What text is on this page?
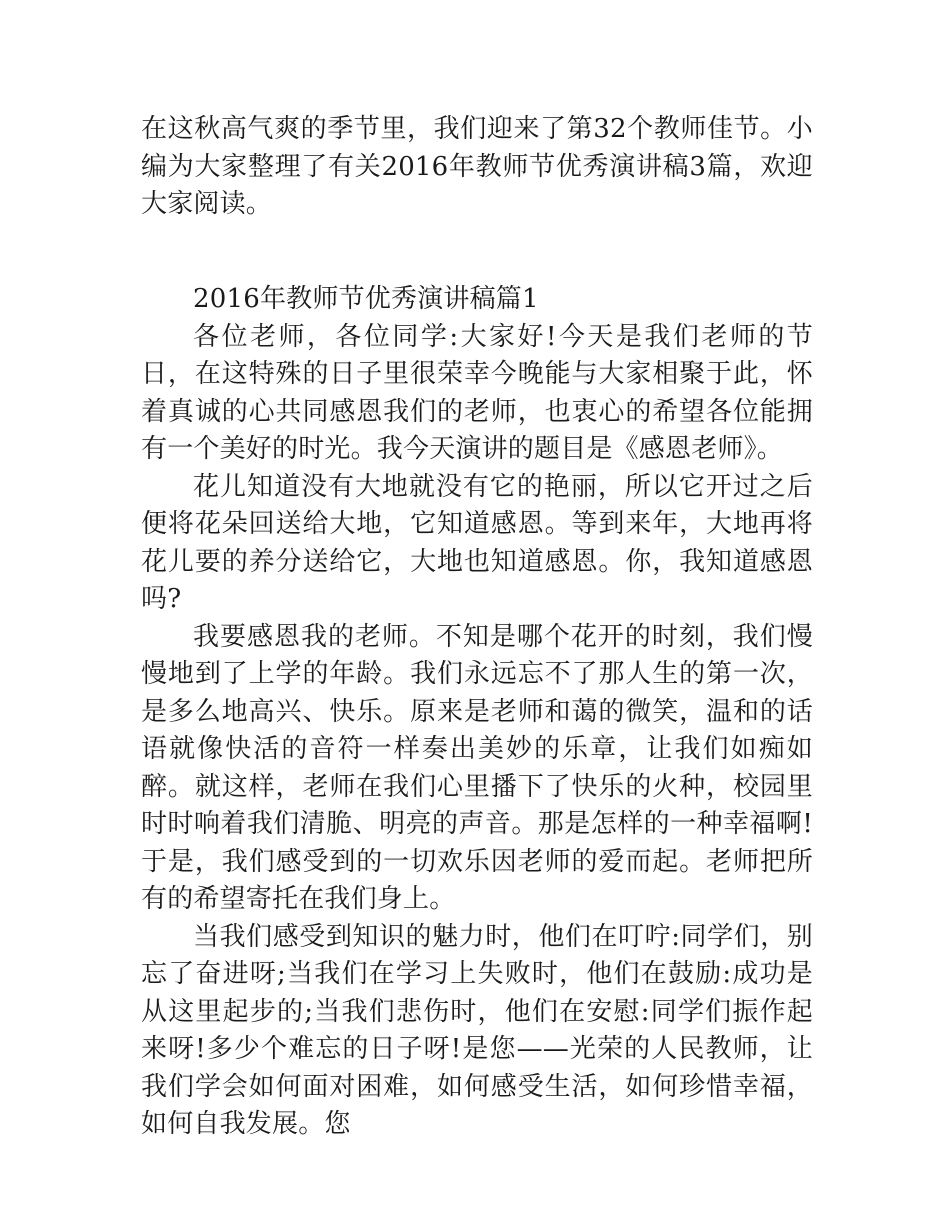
在这秋高气爽的季节里，我们迎来了第32个教师佳节。小编为大家整理了有关2016年教师节优秀演讲稿3篇，欢迎大家阅读。

2016年教师节优秀演讲稿篇1

各位老师，各位同学:大家好!今天是我们老师的节日，在这特殊的日子里很荣幸今晚能与大家相聚于此，怀着真诚的心共同感恩我们的老师，也衷心的希望各位能拥有一个美好的时光。我今天演讲的题目是《感恩老师》。

花儿知道没有大地就没有它的艳丽，所以它开过之后便将花朵回送给大地，它知道感恩。等到来年，大地再将花儿要的养分送给它，大地也知道感恩。你，我知道感恩吗?

我要感恩我的老师。不知是哪个花开的时刻，我们慢慢地到了上学的年龄。我们永远忘不了那人生的第一次，是多么地高兴、快乐。原来是老师和蔼的微笑，温和的话语就像快活的音符一样奏出美妙的乐章，让我们如痴如醉。就这样，老师在我们心里播下了快乐的火种，校园里时时响着我们清脆、明亮的声音。那是怎样的一种幸福啊!于是，我们感受到的一切欢乐因老师的爱而起。老师把所有的希望寄托在我们身上。

当我们感受到知识的魅力时，他们在叮咛:同学们，别忘了奋进呀;当我们在学习上失败时，他们在鼓励:成功是从这里起步的;当我们悲伤时，他们在安慰:同学们振作起来呀!多少个难忘的日子呀!是您——光荣的人民教师，让我们学会如何面对困难，如何感受生活，如何珍惜幸福，如何自我发展。您
